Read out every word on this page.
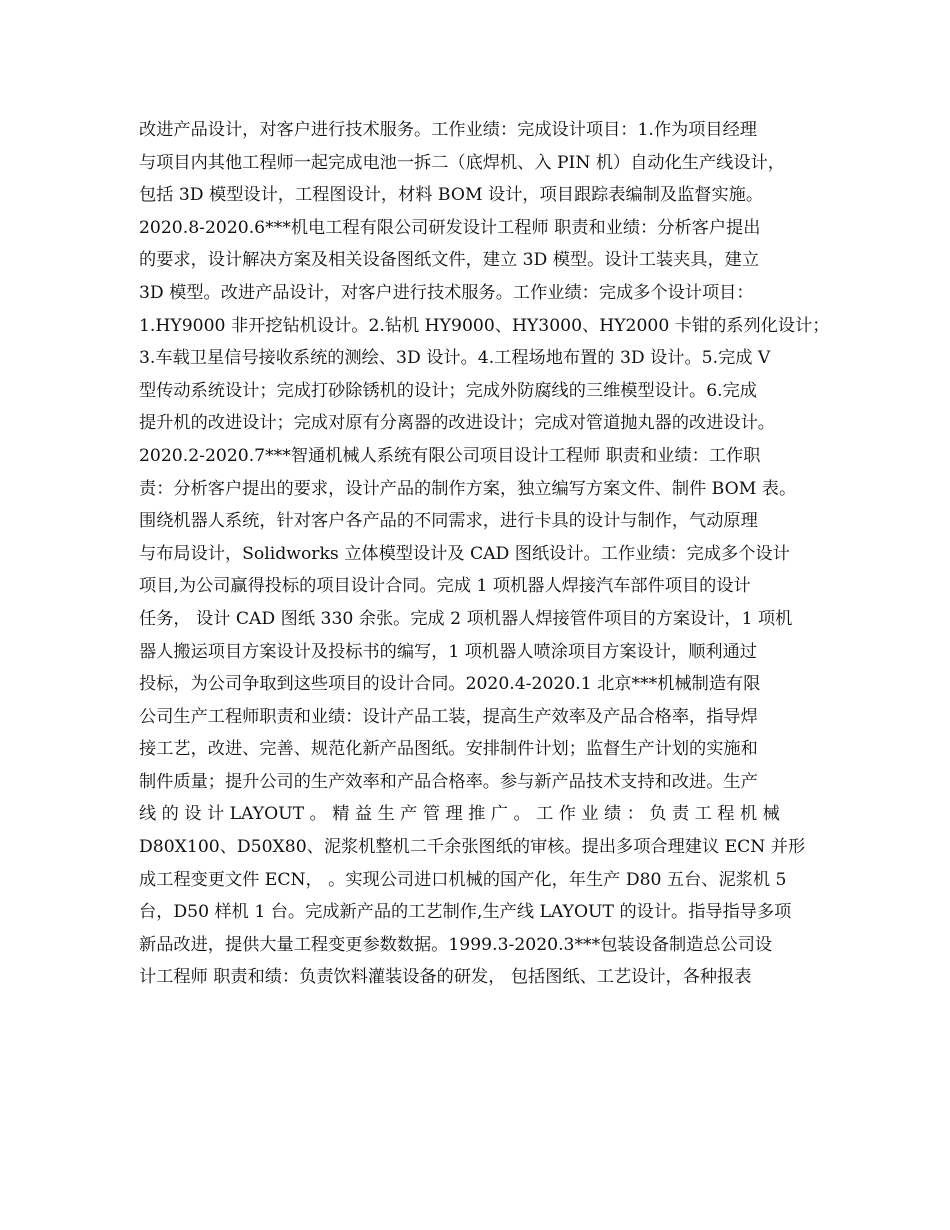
改进产品设计，对客户进行技术服务。工作业绩：完成设计项目：1.作为项目经理
与项目内其他工程师一起完成电池一拆二（底焊机、入 PIN 机）自动化生产线设计，
包括 3D 模型设计，工程图设计，材料 BOM 设计，项目跟踪表编制及监督实施。
2020.8-2020.6***机电工程有限公司研发设计工程师 职责和业绩：分析客户提出
的要求，设计解决方案及相关设备图纸文件，建立 3D 模型。设计工装夹具，建立
3D 模型。改进产品设计，对客户进行技术服务。工作业绩：完成多个设计项目：
1.HY9000 非开挖钻机设计。2.钻机 HY9000、HY3000、HY2000 卡钳的系列化设计；
3.车载卫星信号接收系统的测绘、3D 设计。4.工程场地布置的 3D 设计。5.完成 V
型传动系统设计；完成打砂除锈机的设计；完成外防腐线的三维模型设计。6.完成
提升机的改进设计；完成对原有分离器的改进设计；完成对管道抛丸器的改进设计。
2020.2-2020.7***智通机械人系统有限公司项目设计工程师 职责和业绩：工作职
责：分析客户提出的要求，设计产品的制作方案，独立编写方案文件、制件 BOM 表。
围绕机器人系统，针对客户各产品的不同需求，进行卡具的设计与制作，气动原理
与布局设计，Solidworks 立体模型设计及 CAD 图纸设计。工作业绩：完成多个设计
项目,为公司赢得投标的项目设计合同。完成 1 项机器人焊接汽车部件项目的设计
任务， 设计 CAD 图纸 330 余张。完成 2 项机器人焊接管件项目的方案设计，1 项机
器人搬运项目方案设计及投标书的编写，1 项机器人喷涂项目方案设计，顺利通过
投标，为公司争取到这些项目的设计合同。2020.4-2020.1 北京***机械制造有限
公司生产工程师职责和业绩：设计产品工装，提高生产效率及产品合格率，指导焊
接工艺，改进、完善、规范化新产品图纸。安排制件计划；监督生产计划的实施和
制件质量；提升公司的生产效率和产品合格率。参与新产品技术支持和改进。生产
线 的 设 计 LAYOUT 。 精 益 生 产 管 理 推 广 。 工 作 业 绩 ： 负 责 工 程 机 械
D80X100、D50X80、泥浆机整机二千余张图纸的审核。提出多项合理建议 ECN 并形
成工程变更文件 ECN， 。实现公司进口机械的国产化，年生产 D80 五台、泥浆机 5
台，D50 样机 1 台。完成新产品的工艺制作,生产线 LAYOUT 的设计。指导指导多项
新品改进，提供大量工程变更参数数据。1999.3-2020.3***包装设备制造总公司设
计工程师 职责和绩：负责饮料灌装设备的研发， 包括图纸、工艺设计，各种报表
